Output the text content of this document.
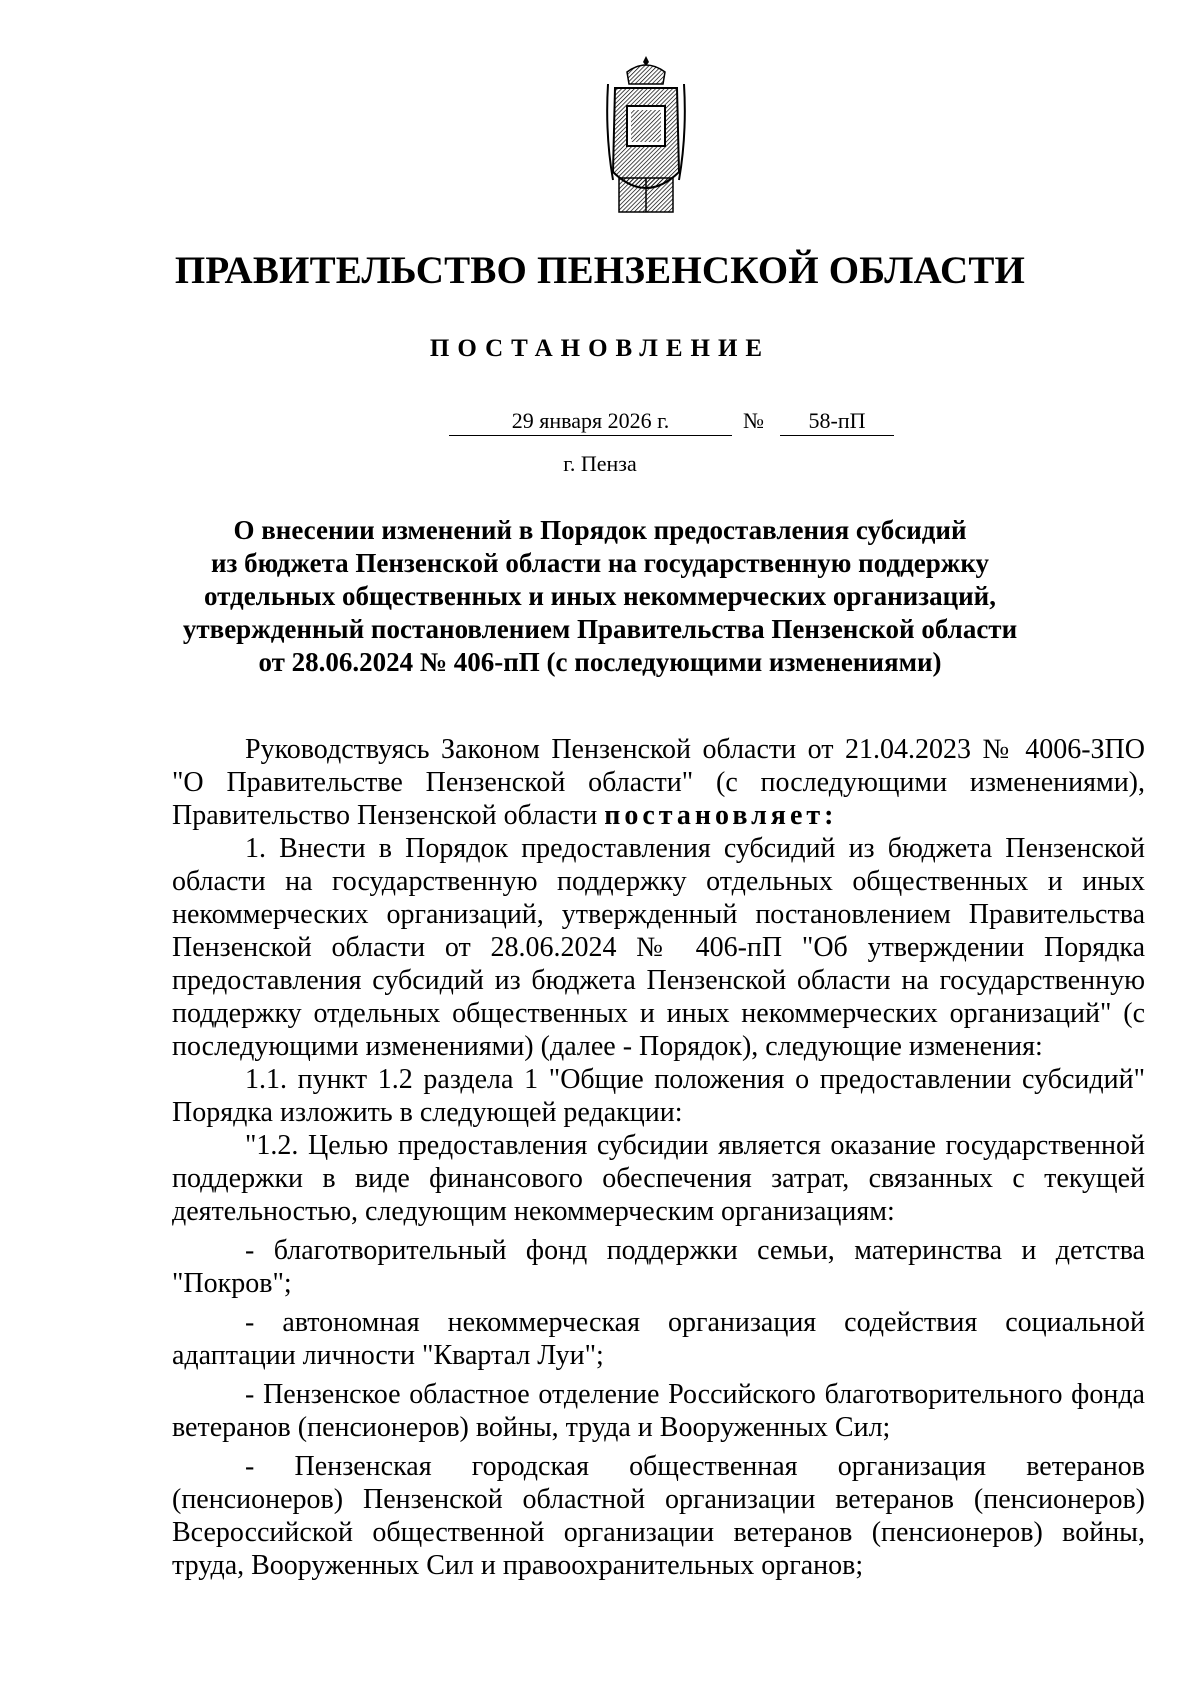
ПРАВИТЕЛЬСТВО ПЕНЗЕНСКОЙ ОБЛАСТИ
ПОСТАНОВЛЕНИЕ
29 января 2026 г.	№	58-пП
г. Пенза
О внесении изменений в Порядок предоставления субсидий
из бюджета Пензенской области на государственную поддержку
отдельных общественных и иных некоммерческих организаций,
утвержденный постановлением Правительства Пензенской области
от 28.06.2024 № 406-пП (с последующими изменениями)

Руководствуясь Законом Пензенской области от 21.04.2023 № 4006-ЗПО "О Правительстве Пензенской области" (с последующими изменениями), Правительство Пензенской области постановляет:

1. Внести в Порядок предоставления субсидий из бюджета Пензенской области на государственную поддержку отдельных общественных и иных некоммерческих организаций, утвержденный постановлением Правительства Пензенской области от 28.06.2024 № 406-пП "Об утверждении Порядка предоставления субсидий из бюджета Пензенской области на государственную поддержку отдельных общественных и иных некоммерческих организаций" (с последующими изменениями) (далее - Порядок), следующие изменения:

1.1. пункт 1.2 раздела 1 "Общие положения о предоставлении субсидий" Порядка изложить в следующей редакции:

"1.2. Целью предоставления субсидии является оказание государственной поддержки в виде финансового обеспечения затрат, связанных с текущей деятельностью, следующим некоммерческим организациям:

- благотворительный фонд поддержки семьи, материнства и детства "Покров";

- автономная некоммерческая организация содействия социальной адаптации личности "Квартал Луи";

- Пензенское областное отделение Российского благотворительного фонда ветеранов (пенсионеров) войны, труда и Вооруженных Сил;

- Пензенская городская общественная организация ветеранов (пенсионеров) Пензенской областной организации ветеранов (пенсионеров) Всероссийской общественной организации ветеранов (пенсионеров) войны, труда, Вооруженных Сил и правоохранительных органов;
